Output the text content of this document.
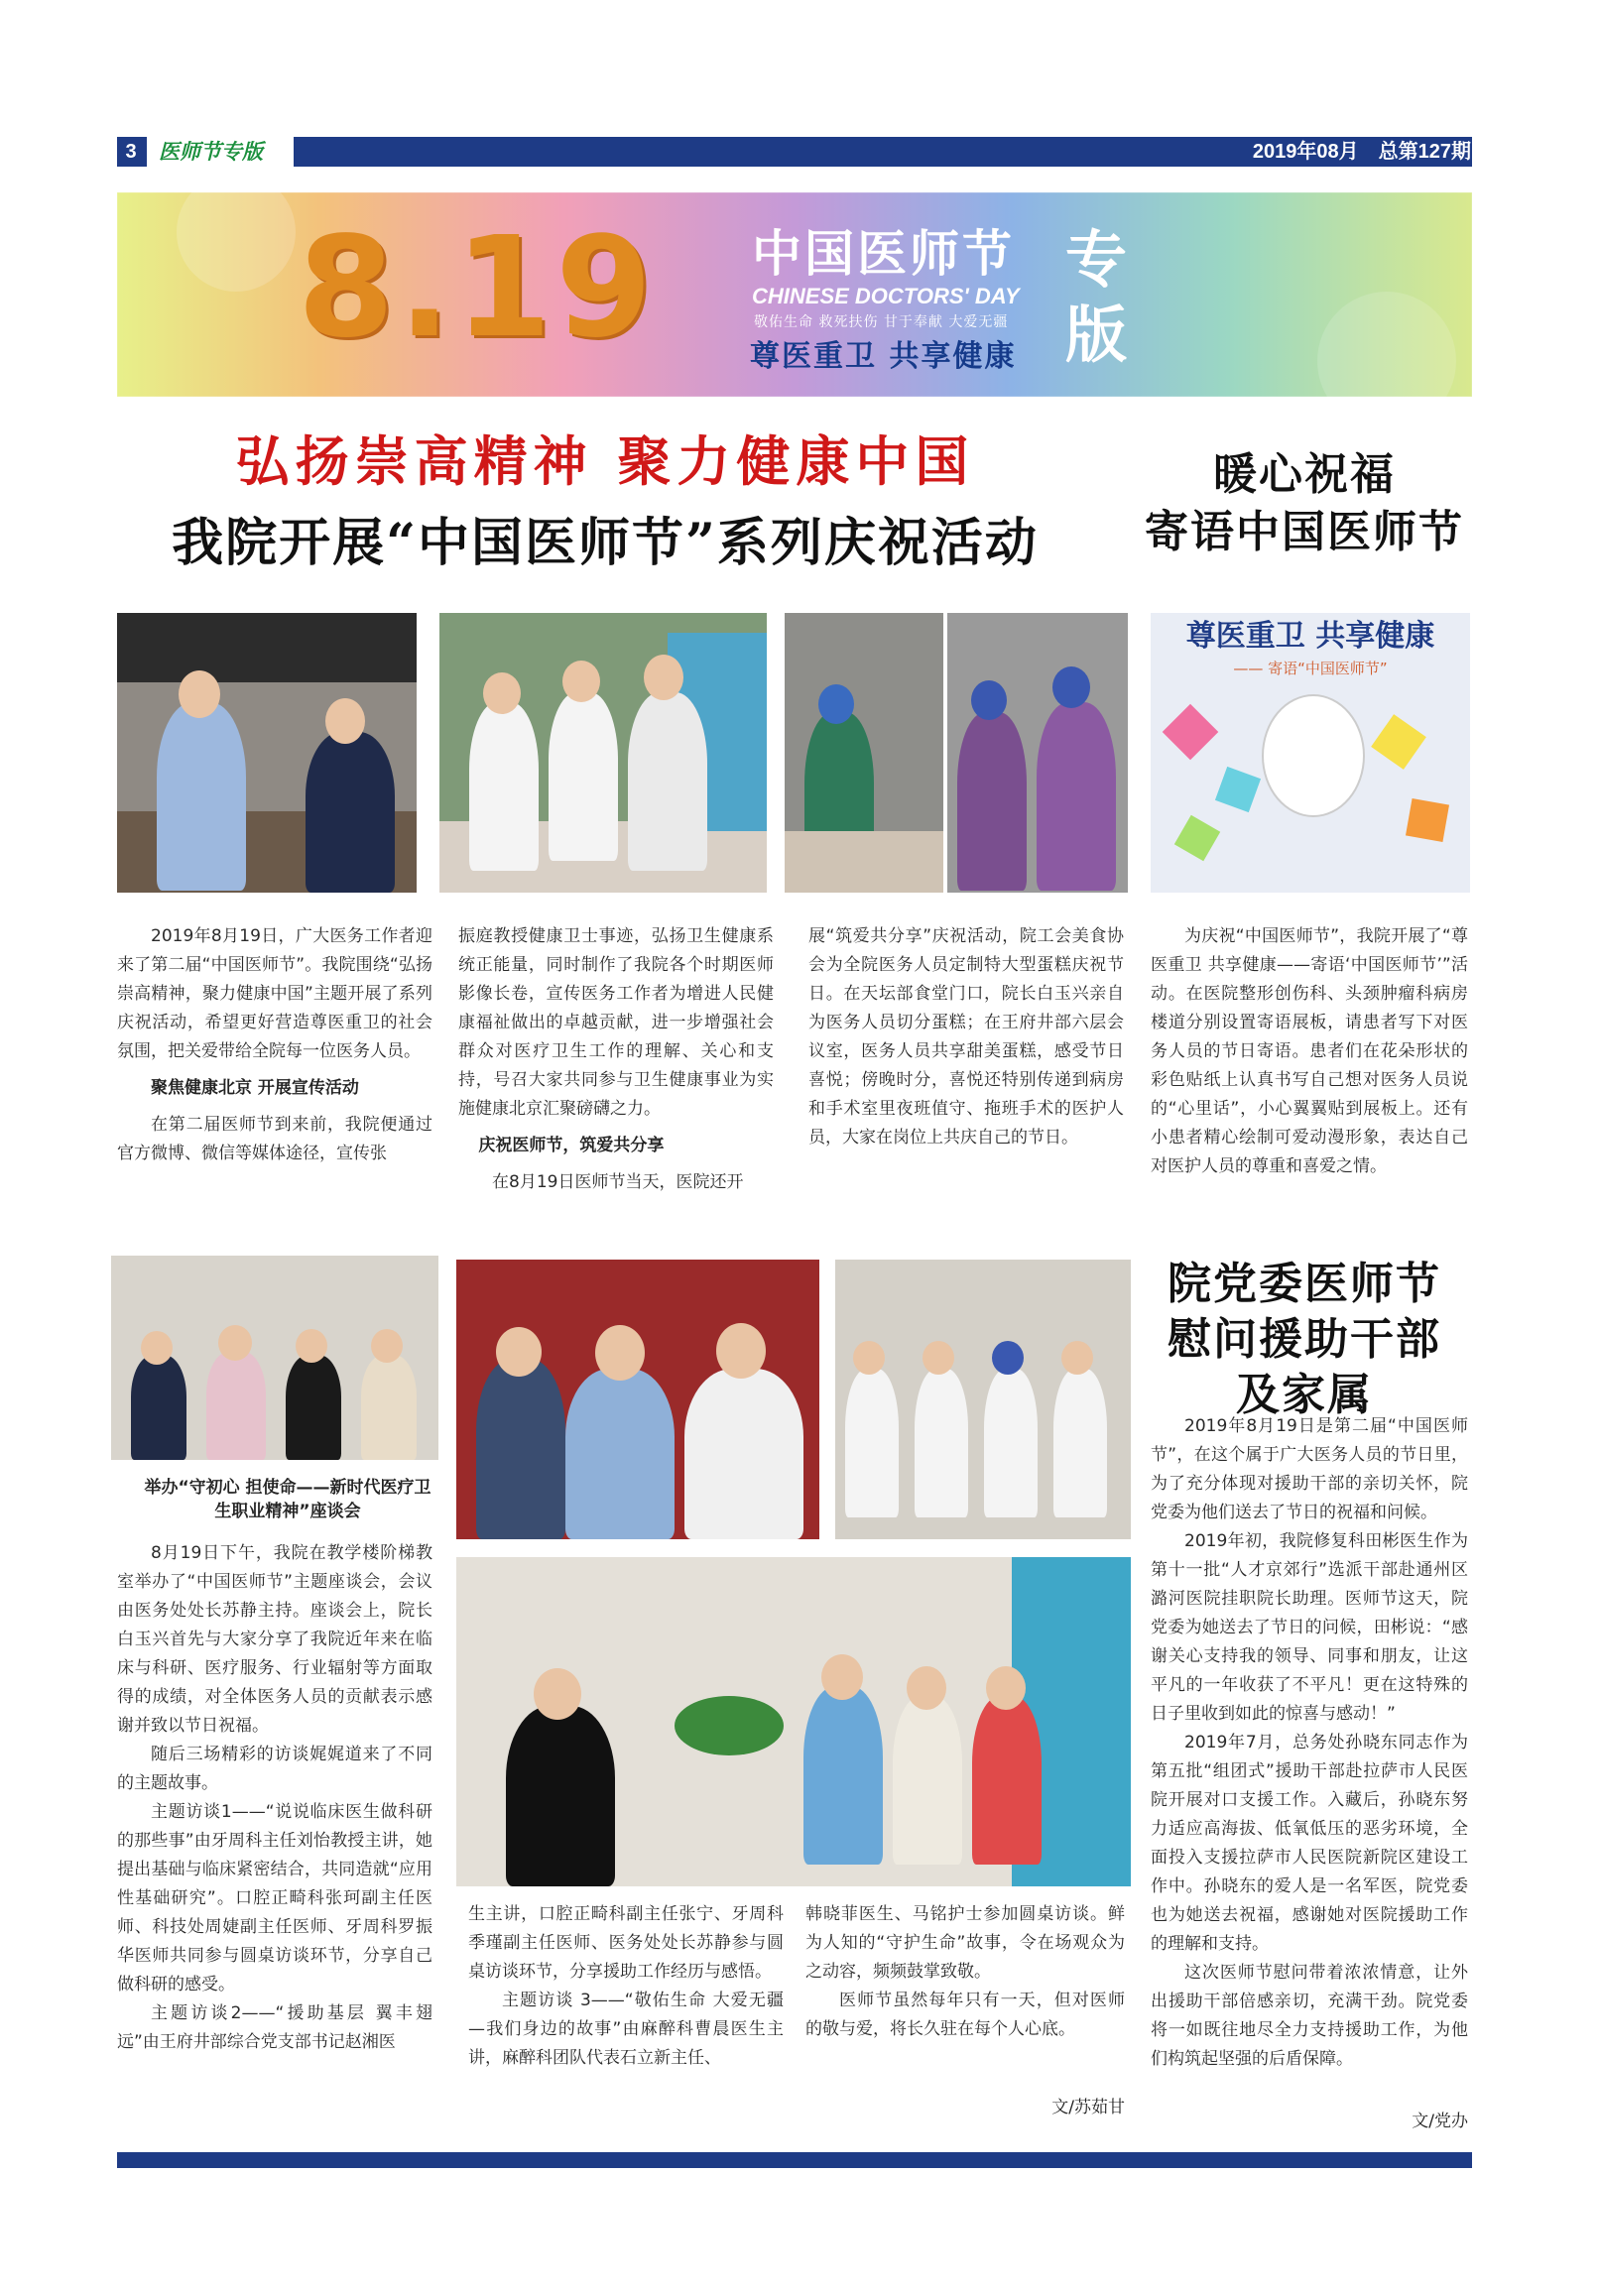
3	医师节专版	2019年08月　总第127期
8.19	中国医师节
CHINESE DOCTORS' DAY
敬佑生命 救死扶伤 甘于奉献 大爱无疆
尊医重卫 共享健康
专版
弘扬崇高精神 聚力健康中国
我院开展“中国医师节”系列庆祝活动
暖心祝福
寄语中国医师节
尊医重卫 共享健康
—— 寄语“中国医师节”

2019年8月19日，广大医务工作者迎来了第二届“中国医师节”。我院围绕“弘扬崇高精神，聚力健康中国”主题开展了系列庆祝活动，希望更好营造尊医重卫的社会氛围，把关爱带给全院每一位医务人员。

聚焦健康北京 开展宣传活动

在第二届医师节到来前，我院便通过官方微博、微信等媒体途径，宣传张

振庭教授健康卫士事迹，弘扬卫生健康系统正能量，同时制作了我院各个时期医师影像长卷，宣传医务工作者为增进人民健康福祉做出的卓越贡献，进一步增强社会群众对医疗卫生工作的理解、关心和支持，号召大家共同参与卫生健康事业为实施健康北京汇聚磅礴之力。

庆祝医师节，筑爱共分享

在8月19日医师节当天，医院还开

展“筑爱共分享”庆祝活动，院工会美食协会为全院医务人员定制特大型蛋糕庆祝节日。在天坛部食堂门口，院长白玉兴亲自为医务人员切分蛋糕；在王府井部六层会议室，医务人员共享甜美蛋糕，感受节日喜悦；傍晚时分，喜悦还特别传递到病房和手术室里夜班值守、拖班手术的医护人员，大家在岗位上共庆自己的节日。

为庆祝“中国医师节”，我院开展了“尊医重卫 共享健康——寄语‘中国医师节’”活动。在医院整形创伤科、头颈肿瘤科病房楼道分别设置寄语展板，请患者写下对医务人员的节日寄语。患者们在花朵形状的彩色贴纸上认真书写自己想对医务人员说的“心里话”，小心翼翼贴到展板上。还有小患者精心绘制可爱动漫形象，表达自己对医护人员的尊重和喜爱之情。

院党委医师节
慰问援助干部
及家属
举办“守初心 担使命——新时代医疗卫生职业精神”座谈会

8月19日下午，我院在教学楼阶梯教室举办了“中国医师节”主题座谈会，会议由医务处处长苏静主持。座谈会上，院长白玉兴首先与大家分享了我院近年来在临床与科研、医疗服务、行业辐射等方面取得的成绩，对全体医务人员的贡献表示感谢并致以节日祝福。

随后三场精彩的访谈娓娓道来了不同的主题故事。

主题访谈1——“说说临床医生做科研的那些事”由牙周科主任刘怡教授主讲，她提出基础与临床紧密结合，共同造就“应用性基础研究”。口腔正畸科张珂副主任医师、科技处周婕副主任医师、牙周科罗振华医师共同参与圆桌访谈环节，分享自己做科研的感受。

主题访谈2——“援助基层 翼丰翅远”由王府井部综合党支部书记赵湘医

生主讲，口腔正畸科副主任张宁、牙周科季瑾副主任医师、医务处处长苏静参与圆桌访谈环节，分享援助工作经历与感悟。

主题访谈 3——“敬佑生命 大爱无疆—我们身边的故事”由麻醉科曹晨医生主讲，麻醉科团队代表石立新主任、

韩晓菲医生、马铭护士参加圆桌访谈。鲜为人知的“守护生命”故事，令在场观众为之动容，频频鼓掌致敬。

医师节虽然每年只有一天，但对医师的敬与爱，将长久驻在每个人心底。

文/苏茹甘

2019年8月19日是第二届“中国医师节”，在这个属于广大医务人员的节日里，为了充分体现对援助干部的亲切关怀，院党委为他们送去了节日的祝福和问候。

2019年初，我院修复科田彬医生作为第十一批“人才京郊行”选派干部赴通州区潞河医院挂职院长助理。医师节这天，院党委为她送去了节日的问候，田彬说：“感谢关心支持我的领导、同事和朋友，让这平凡的一年收获了不平凡！更在这特殊的日子里收到如此的惊喜与感动！”

2019年7月，总务处孙晓东同志作为第五批“组团式”援助干部赴拉萨市人民医院开展对口支援工作。入藏后，孙晓东努力适应高海拔、低氧低压的恶劣环境，全面投入支援拉萨市人民医院新院区建设工作中。孙晓东的爱人是一名军医，院党委也为她送去祝福，感谢她对医院援助工作的理解和支持。

这次医师节慰问带着浓浓情意，让外出援助干部倍感亲切，充满干劲。院党委将一如既往地尽全力支持援助工作，为他们构筑起坚强的后盾保障。

文/党办
